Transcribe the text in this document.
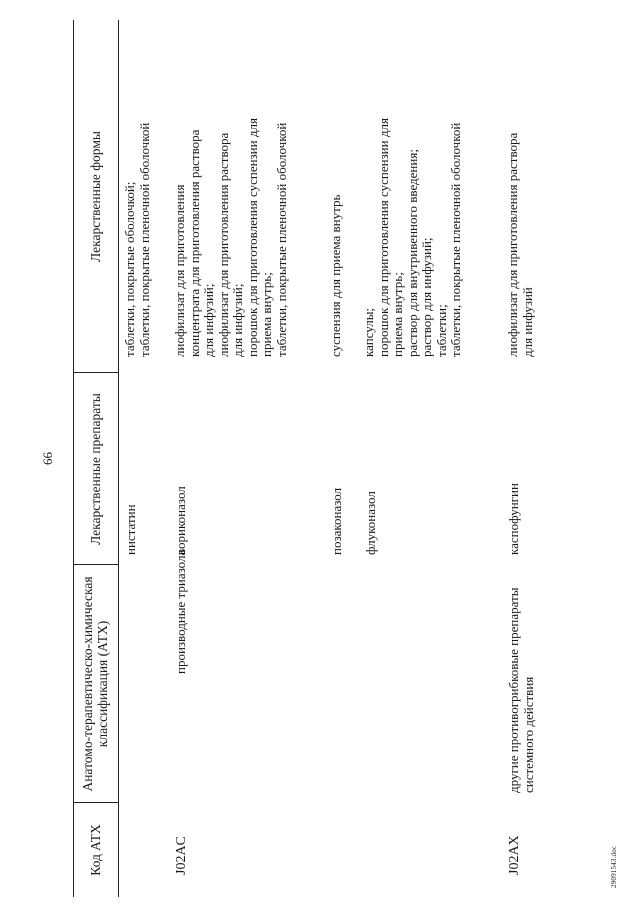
66
Код АТХ
Анатомо-терапевтическо-химическая классификация (АТХ)
Лекарственные препараты
Лекарственные формы
нистатин
таблетки, покрытые оболочкой; таблетки, покрытые пленочной оболочкой
J02AC
производные триазола
вориконазол
лиофилизат для приготовления концентрата для приготовления раствора для инфузий; лиофилизат для приготовления раствора для инфузий; порошок для приготовления суспензии для приема внутрь; таблетки, покрытые пленочной оболочкой
позаконазол
суспензия для приема внутрь
флуконазол
капсулы; порошок для приготовления суспензии для приема внутрь; раствор для внутривенного введения; раствор для инфузий; таблетки; таблетки, покрытые пленочной оболочкой
J02AX
другие противогрибковые препараты системного действия
каспофунгин
лиофилизат для приготовления раствора для инфузий
29091543.doc
